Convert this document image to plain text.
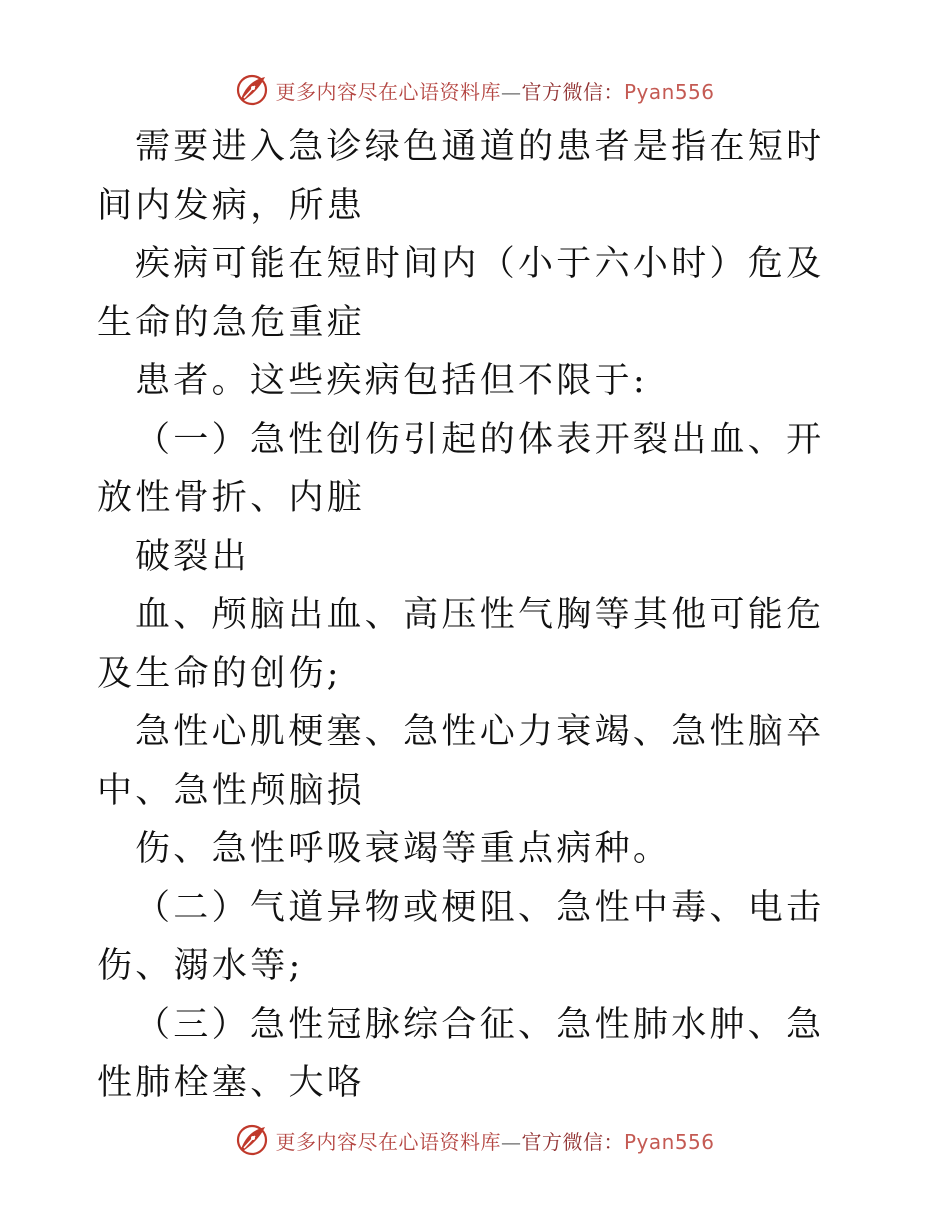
更多内容尽在心语资料库—官方微信：Pyan556

需要进入急诊绿色通道的患者是指在短时间内发病，所患

疾病可能在短时间内（小于六小时）危及生命的急危重症

患者。这些疾病包括但不限于:

（一）急性创伤引起的体表开裂出血、开放性骨折、内脏

破裂出

血、颅脑出血、高压性气胸等其他可能危及生命的创伤;

急性心肌梗塞、急性心力衰竭、急性脑卒中、急性颅脑损

伤、急性呼吸衰竭等重点病种。

（二）气道异物或梗阻、急性中毒、电击伤、溺水等;

（三）急性冠脉综合征、急性肺水肿、急性肺栓塞、大咯

更多内容尽在心语资料库—官方微信：Pyan556
